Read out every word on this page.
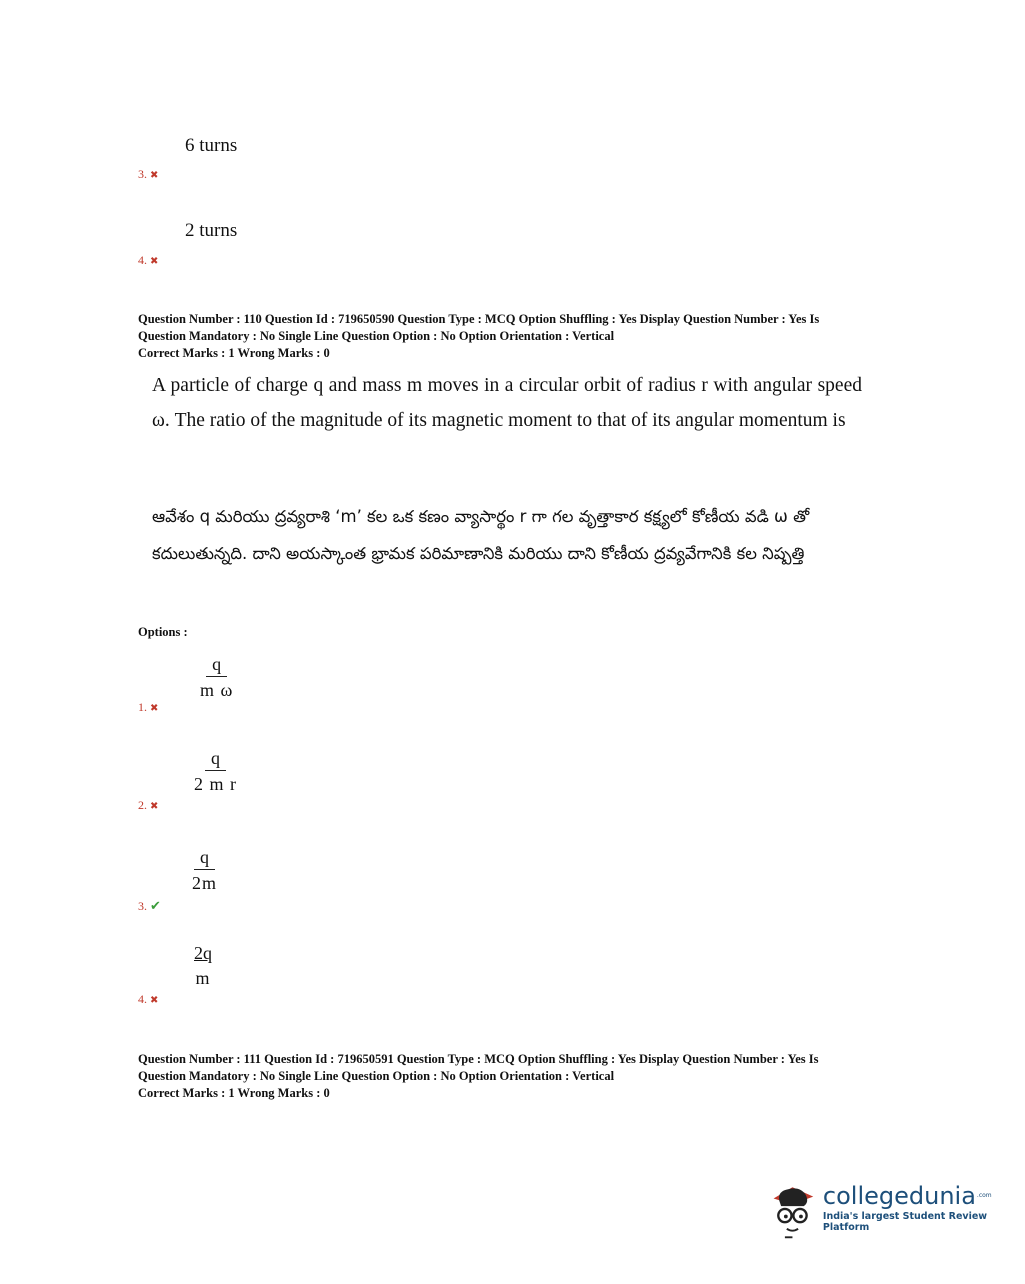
6 turns
3. ✖
2 turns
4. ✖
Question Number : 110 Question Id : 719650590 Question Type : MCQ Option Shuffling : Yes Display Question Number : Yes Is
Question Mandatory : No Single Line Question Option : No Option Orientation : Vertical
Correct Marks : 1 Wrong Marks : 0
A particle of charge q and mass m moves in a circular orbit of radius r with angular speed ω. The ratio of the magnitude of its magnetic moment to that of its angular momentum is
ఆవేశం q మరియు ద్రవ్యరాశి ‘m’ కల ఒక కణం వ్యాసార్థం r గా గల వృత్తాకార కక్ష్యలో కోణీయ వడి ω తో కదులుతున్నది. దాని అయస్కాంత భ్రామక పరిమాణానికి మరియు దాని కోణీయ ద్రవ్యవేగానికి కల నిష్పత్తి
Options :
$\frac{q}{\text{m ω}}$
1. ✖
$\frac{q}{\text{2 m r}}$
2. ✖
$\frac{q}{2m}$
3. ✔
$\frac{2q}{m}$
4. ✖
Question Number : 111 Question Id : 719650591 Question Type : MCQ Option Shuffling : Yes Display Question Number : Yes Is
Question Mandatory : No Single Line Question Option : No Option Orientation : Vertical
Correct Marks : 1 Wrong Marks : 0
collegedunia$^{.com}$
India's largest Student Review Platform
